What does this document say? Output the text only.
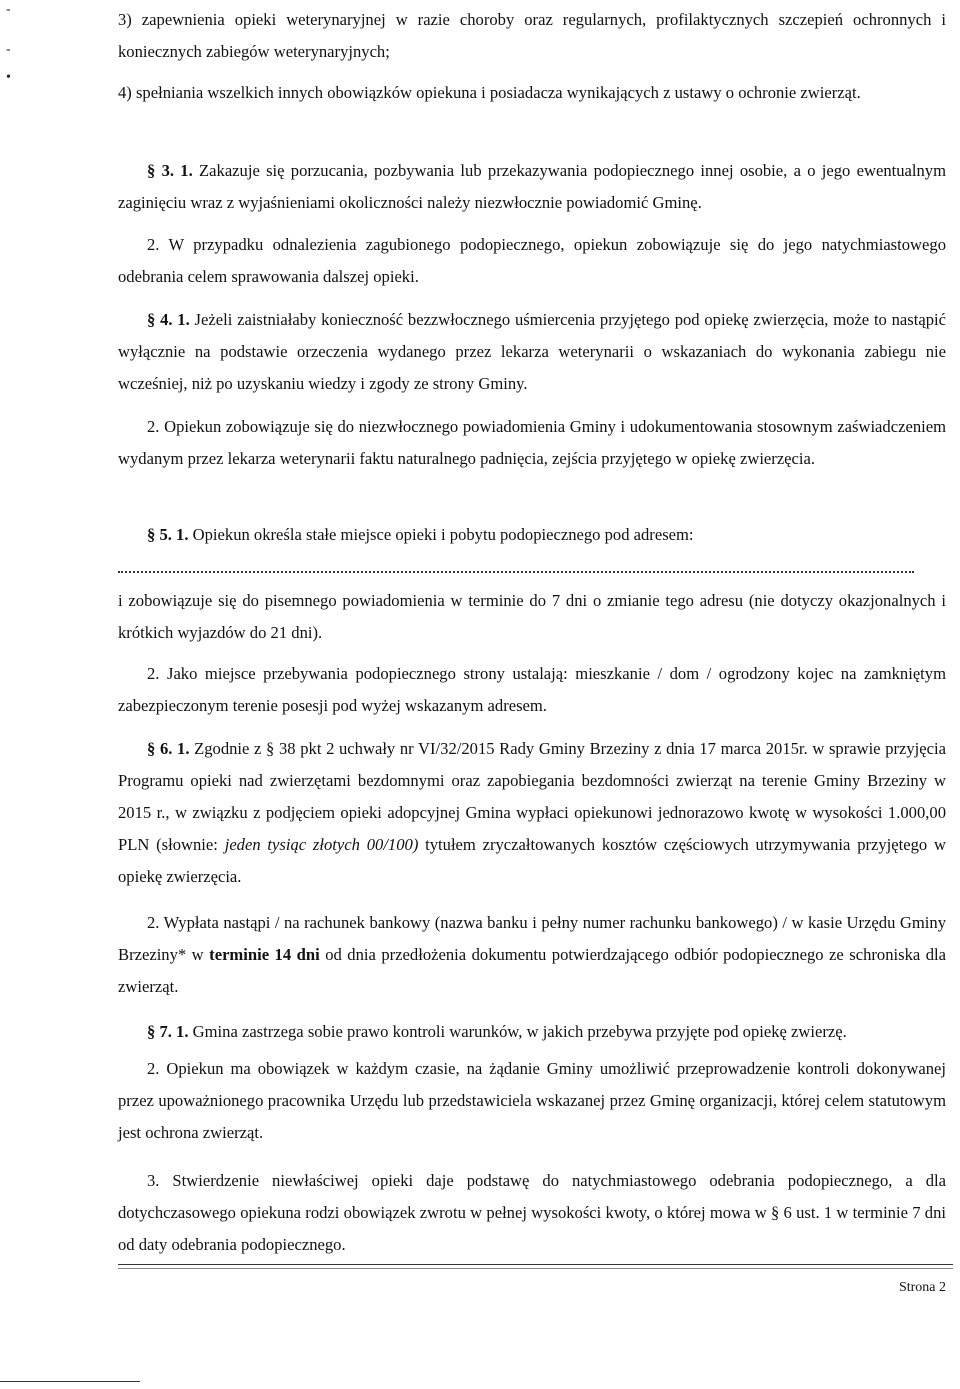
-
-
•

3) zapewnienia opieki weterynaryjnej w razie choroby oraz regularnych, profilaktycznych szczepień ochronnych i koniecznych zabiegów weterynaryjnych;

4) spełniania wszelkich innych obowiązków opiekuna i posiadacza wynikających z ustawy o ochronie zwierząt.

§ 3. 1. Zakazuje się porzucania, pozbywania lub przekazywania podopiecznego innej osobie, a o jego ewentualnym zaginięciu wraz z wyjaśnieniami okoliczności należy niezwłocznie powiadomić Gminę.

2. W przypadku odnalezienia zagubionego podopiecznego, opiekun zobowiązuje się do jego natychmiastowego odebrania celem sprawowania dalszej opieki.

§ 4. 1. Jeżeli zaistniałaby konieczność bezzwłocznego uśmiercenia przyjętego pod opiekę zwierzęcia, może to nastąpić wyłącznie na podstawie orzeczenia wydanego przez lekarza weterynarii o wskazaniach do wykonania zabiegu nie wcześniej, niż po uzyskaniu wiedzy i zgody ze strony Gminy.

2. Opiekun zobowiązuje się do niezwłocznego powiadomienia Gminy i udokumentowania stosownym zaświadczeniem wydanym przez lekarza weterynarii faktu naturalnego padnięcia, zejścia przyjętego w opiekę zwierzęcia.

§ 5. 1. Opiekun określa stałe miejsce opieki i pobytu podopiecznego pod adresem:

i zobowiązuje się do pisemnego powiadomienia w terminie do 7 dni o zmianie tego adresu (nie dotyczy okazjonalnych i krótkich wyjazdów do 21 dni).

2. Jako miejsce przebywania podopiecznego strony ustalają: mieszkanie / dom / ogrodzony kojec na zamkniętym zabezpieczonym terenie posesji pod wyżej wskazanym adresem.

§ 6. 1. Zgodnie z § 38 pkt 2 uchwały nr VI/32/2015 Rady Gminy Brzeziny z dnia 17 marca 2015r. w sprawie przyjęcia Programu opieki nad zwierzętami bezdomnymi oraz zapobiegania bezdomności zwierząt na terenie Gminy Brzeziny w 2015 r., w związku z podjęciem opieki adopcyjnej Gmina wypłaci opiekunowi jednorazowo kwotę w wysokości 1.000,00 PLN (słownie: jeden tysiąc złotych 00/100) tytułem zryczałtowanych kosztów częściowych utrzymywania przyjętego w opiekę zwierzęcia.

2. Wypłata nastąpi / na rachunek bankowy (nazwa banku i pełny numer rachunku bankowego) / w kasie Urzędu Gminy Brzeziny* w terminie 14 dni od dnia przedłożenia dokumentu potwierdzającego odbiór podopiecznego ze schroniska dla zwierząt.

§ 7. 1. Gmina zastrzega sobie prawo kontroli warunków, w jakich przebywa przyjęte pod opiekę zwierzę.

2. Opiekun ma obowiązek w każdym czasie, na żądanie Gminy umożliwić przeprowadzenie kontroli dokonywanej przez upoważnionego pracownika Urzędu lub przedstawiciela wskazanej przez Gminę organizacji, której celem statutowym jest ochrona zwierząt.

3. Stwierdzenie niewłaściwej opieki daje podstawę do natychmiastowego odebrania podopiecznego, a dla dotychczasowego opiekuna rodzi obowiązek zwrotu w pełnej wysokości kwoty, o której mowa w § 6 ust. 1 w terminie 7 dni od daty odebrania podopiecznego.

Strona 2
